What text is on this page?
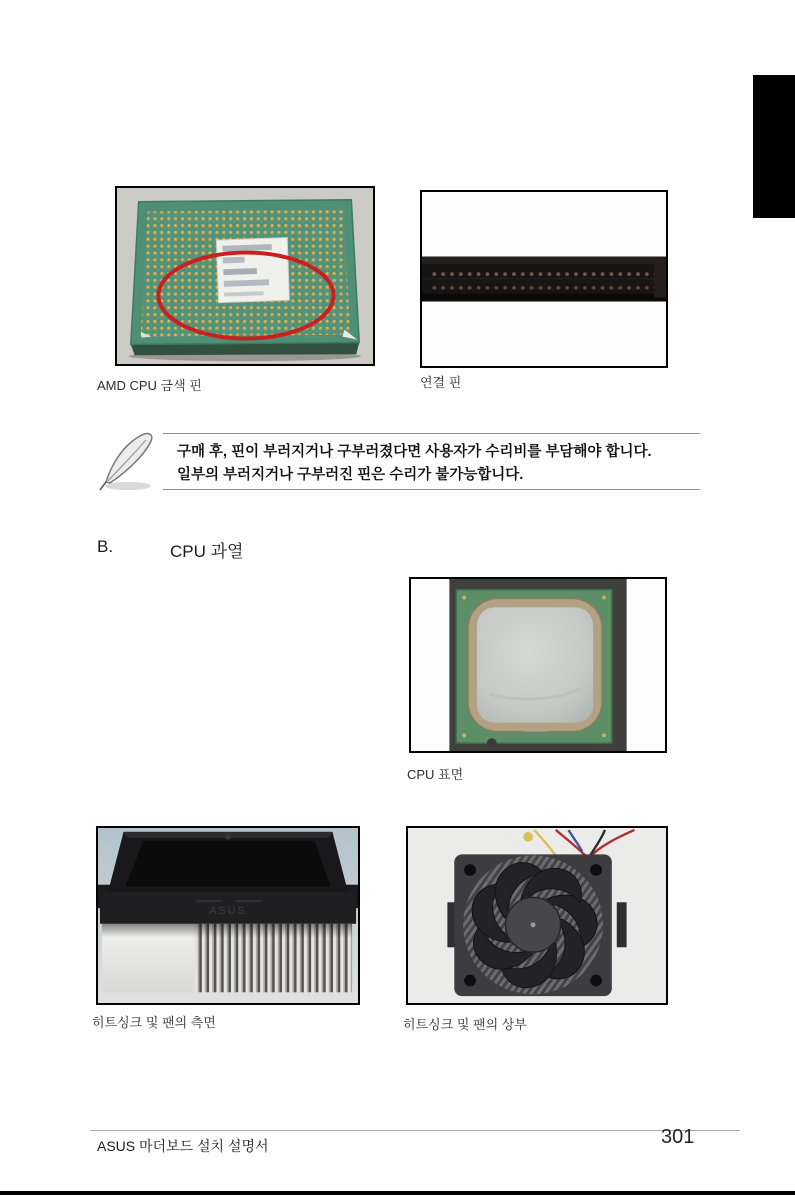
AMD CPU 금색 핀	연결 핀
구매 후, 핀이 부러지거나 구부러졌다면 사용자가 수리비를 부담해야 합니다.
일부의 부러지거나 구부러진 핀은 수리가 불가능합니다.
B.	CPU 과열
CPU 표면
ASUS
히트싱크 및 팬의 측면	히트싱크 및 팬의 상부
ASUS 마더보드 설치 설명서	301
